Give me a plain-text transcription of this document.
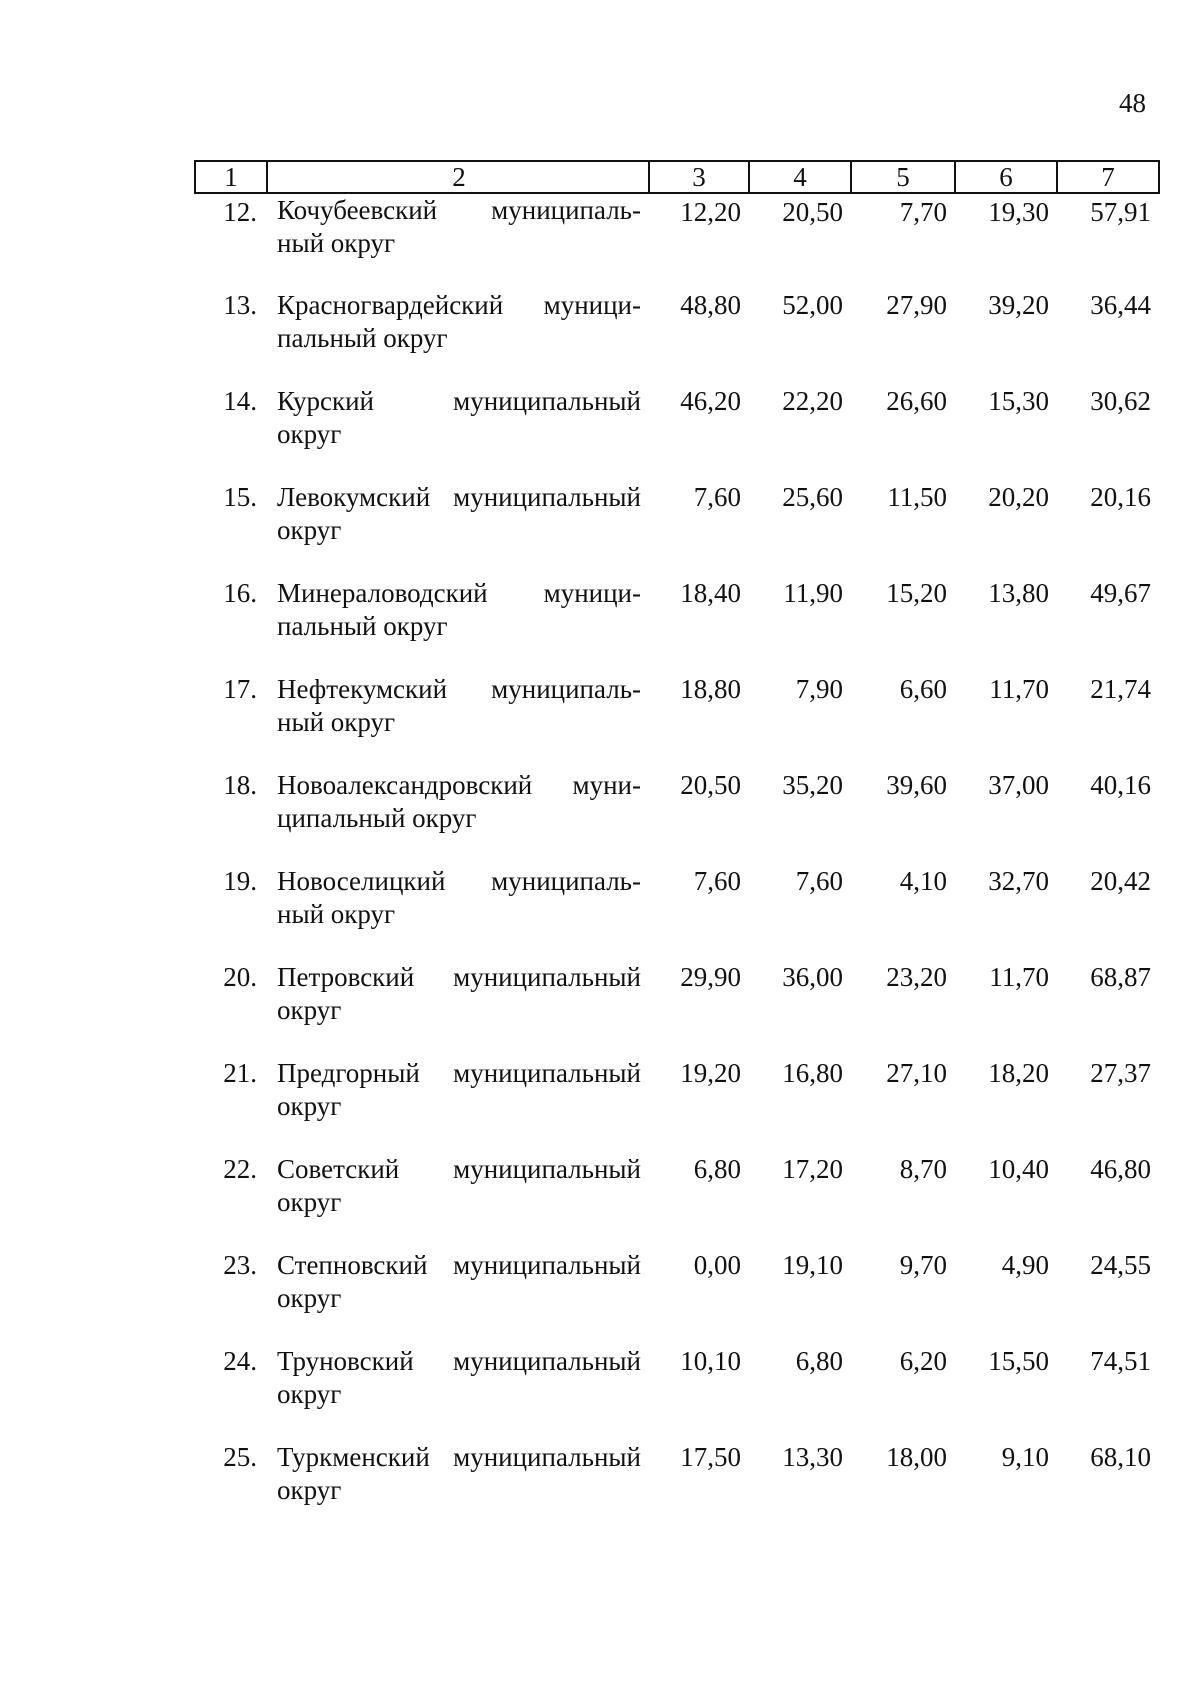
48
1	2	3	4	5	6	7
12.	Кочубеевский муниципаль-
ный округ	12,20	20,50	7,70	19,30	57,91
13.	Красногвардейский муници-
пальный округ	48,80	52,00	27,90	39,20	36,44
14.	Курский муниципальный
округ	46,20	22,20	26,60	15,30	30,62
15.	Левокумский муниципальный
округ	7,60	25,60	11,50	20,20	20,16
16.	Минераловодский муници-
пальный округ	18,40	11,90	15,20	13,80	49,67
17.	Нефтекумский муниципаль-
ный округ	18,80	7,90	6,60	11,70	21,74
18.	Новоалександровский муни-
ципальный округ	20,50	35,20	39,60	37,00	40,16
19.	Новоселицкий муниципаль-
ный округ	7,60	7,60	4,10	32,70	20,42
20.	Петровский муниципальный
округ	29,90	36,00	23,20	11,70	68,87
21.	Предгорный муниципальный
округ	19,20	16,80	27,10	18,20	27,37
22.	Советский муниципальный
округ	6,80	17,20	8,70	10,40	46,80
23.	Степновский муниципальный
округ	0,00	19,10	9,70	4,90	24,55
24.	Труновский муниципальный
округ	10,10	6,80	6,20	15,50	74,51
25.	Туркменский муниципальный
округ	17,50	13,30	18,00	9,10	68,10
